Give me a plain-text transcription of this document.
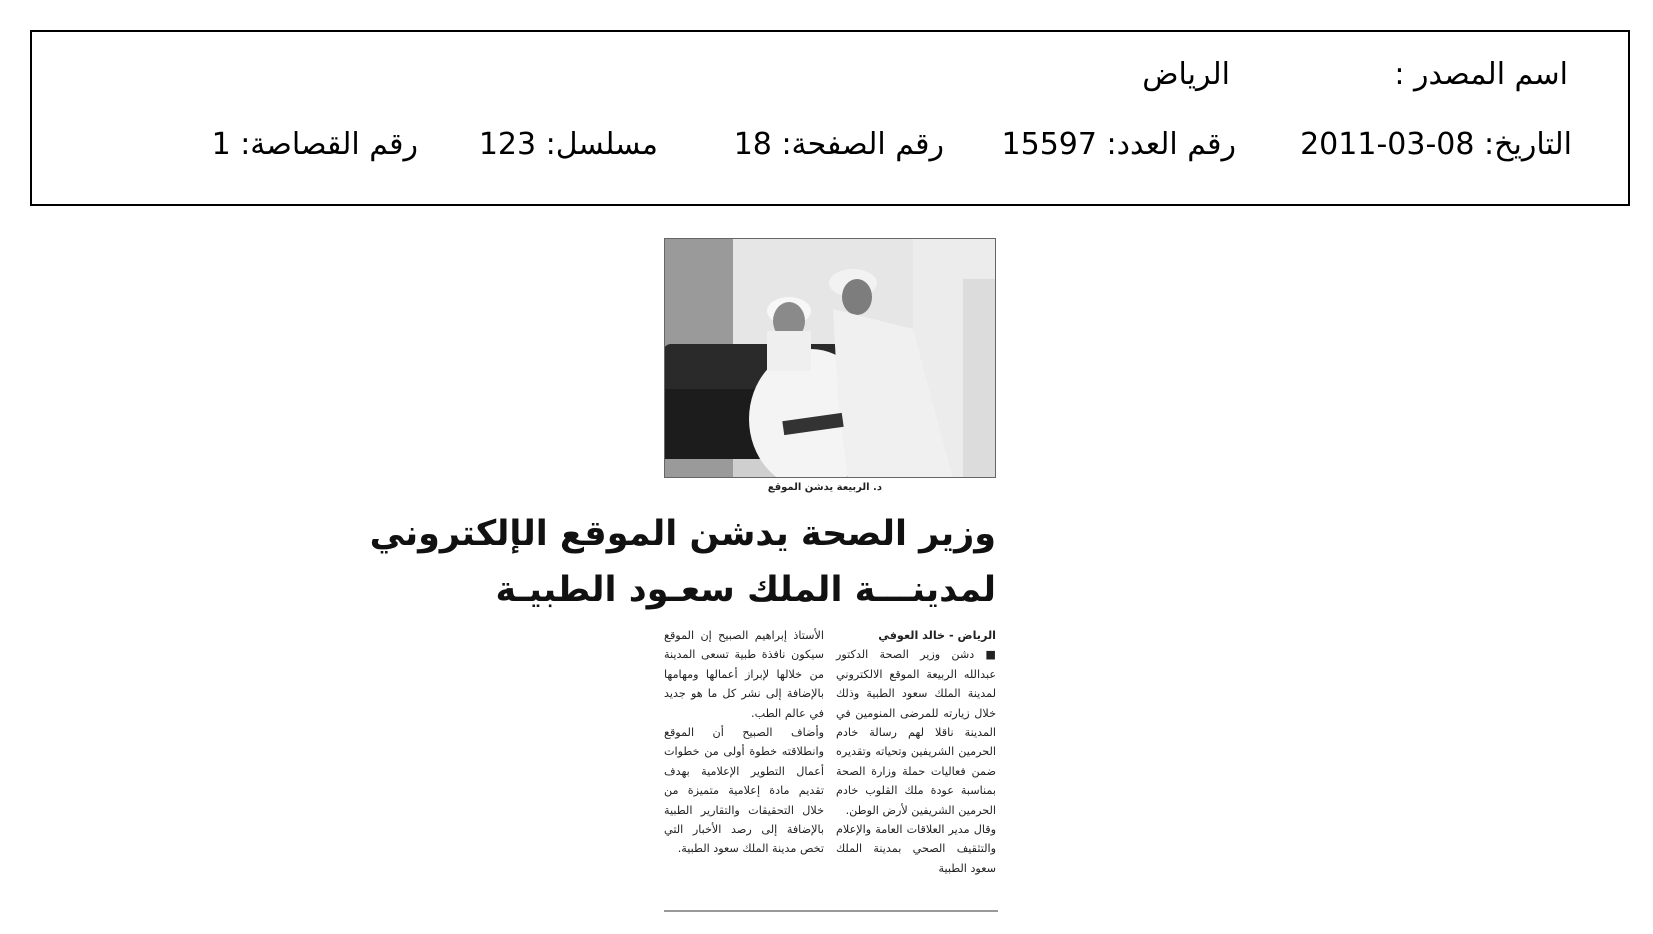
اسم المصدر :
الرياض
التاريخ: 08-03-2011
رقم العدد: 15597
رقم الصفحة: 18
مسلسل: 123
رقم القصاصة: 1
د. الربيعة يدشن الموقع
وزير الصحة يدشن الموقع الإلكتروني
لمدينـــة الملك سعـود الطبيـة

الرياض - خالد العوفي

■ دشن وزير الصحة الدكتور عبدالله الربيعة الموقع الالكتروني لمدينة الملك سعود الطبية وذلك خلال زيارته للمرضى المنومين في المدينة ناقلا لهم رسالة خادم الحرمين الشريفين وتحياته وتقديره ضمن فعاليات حملة وزارة الصحة بمناسبة عودة ملك القلوب خادم الحرمين الشريفين لأرض الوطن.

وقال مدير العلاقات العامة والإعلام والتثقيف الصحي بمدينة الملك سعود الطبية

الأستاذ إبراهيم الصبيح إن الموقع سيكون نافذة طبية تسعى المدينة من خلالها لإبراز أعمالها ومهامها بالإضافة إلى نشر كل ما هو جديد في عالم الطب.

وأضاف الصبيح أن الموقع وانطلاقته خطوة أولى من خطوات أعمال التطوير الإعلامية بهدف تقديم مادة إعلامية متميزة من خلال التحقيقات والتقارير الطبية بالإضافة إلى رصد الأخبار التي تخص مدينة الملك سعود الطبية.
